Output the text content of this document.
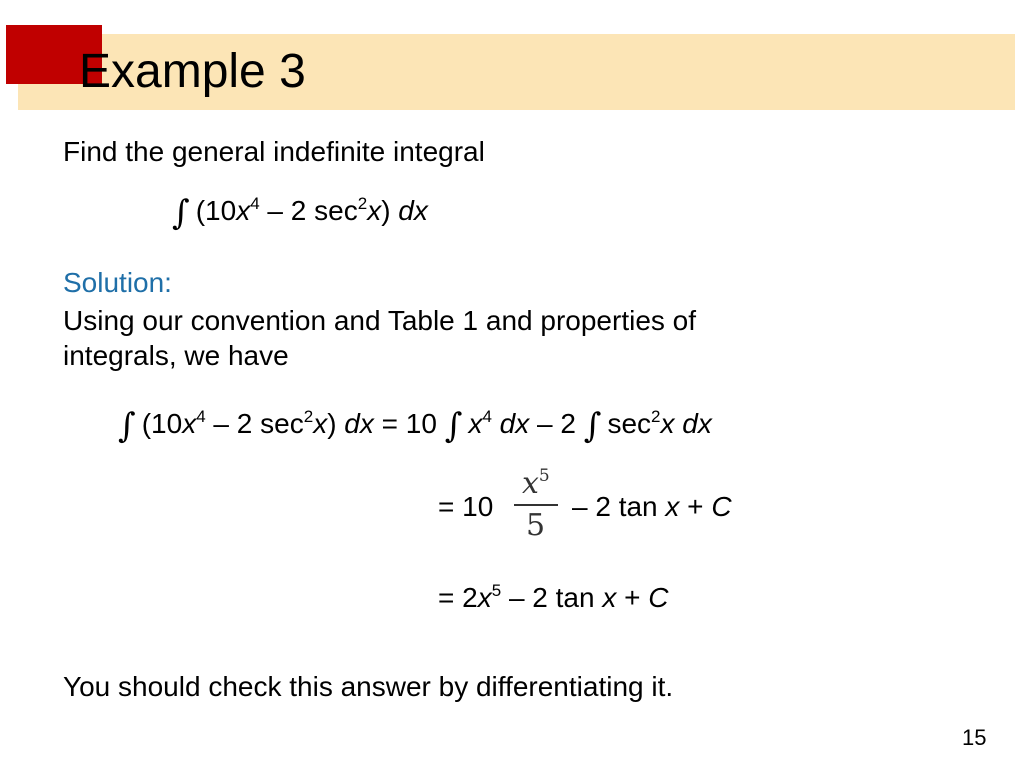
Example 3
Find the general indefinite integral
∫ ($10x^4 - 2$ $\sec^2x$) dx
Solution:
Using our convention and Table 1 and properties of
integrals, we have
∫ ($10x^4 - 2$ $\sec^2x$) dx = 10 ∫ $x^4$ dx – 2 ∫ $\sec^2x$ dx
= 10
$x^5$
5
– 2 tan x + C
= $2x^5 - 2$ tan x + C
You should check this answer by differentiating it.
15
